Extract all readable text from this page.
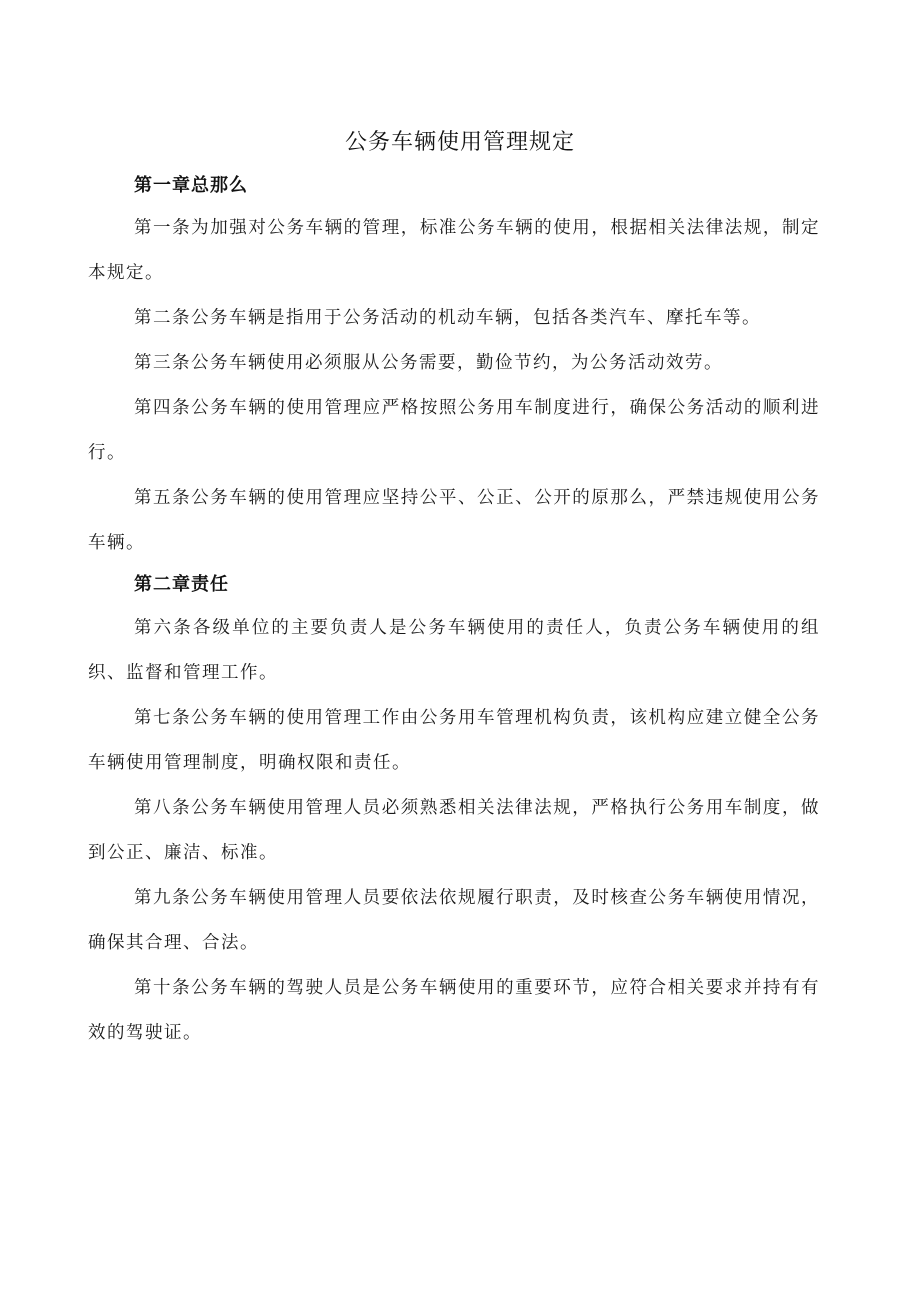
公务车辆使用管理规定
第一章总那么

第一条为加强对公务车辆的管理，标准公务车辆的使用，根据相关法律法规，制定本规定。

第二条公务车辆是指用于公务活动的机动车辆，包括各类汽车、摩托车等。

第三条公务车辆使用必须服从公务需要，勤俭节约，为公务活动效劳。

第四条公务车辆的使用管理应严格按照公务用车制度进行，确保公务活动的顺利进行。

第五条公务车辆的使用管理应坚持公平、公正、公开的原那么，严禁违规使用公务车辆。

第二章责任

第六条各级单位的主要负责人是公务车辆使用的责任人，负责公务车辆使用的组织、监督和管理工作。

第七条公务车辆的使用管理工作由公务用车管理机构负责，该机构应建立健全公务车辆使用管理制度，明确权限和责任。

第八条公务车辆使用管理人员必须熟悉相关法律法规，严格执行公务用车制度，做到公正、廉洁、标准。

第九条公务车辆使用管理人员要依法依规履行职责，及时核查公务车辆使用情况，确保其合理、合法。

第十条公务车辆的驾驶人员是公务车辆使用的重要环节，应符合相关要求并持有有效的驾驶证。
